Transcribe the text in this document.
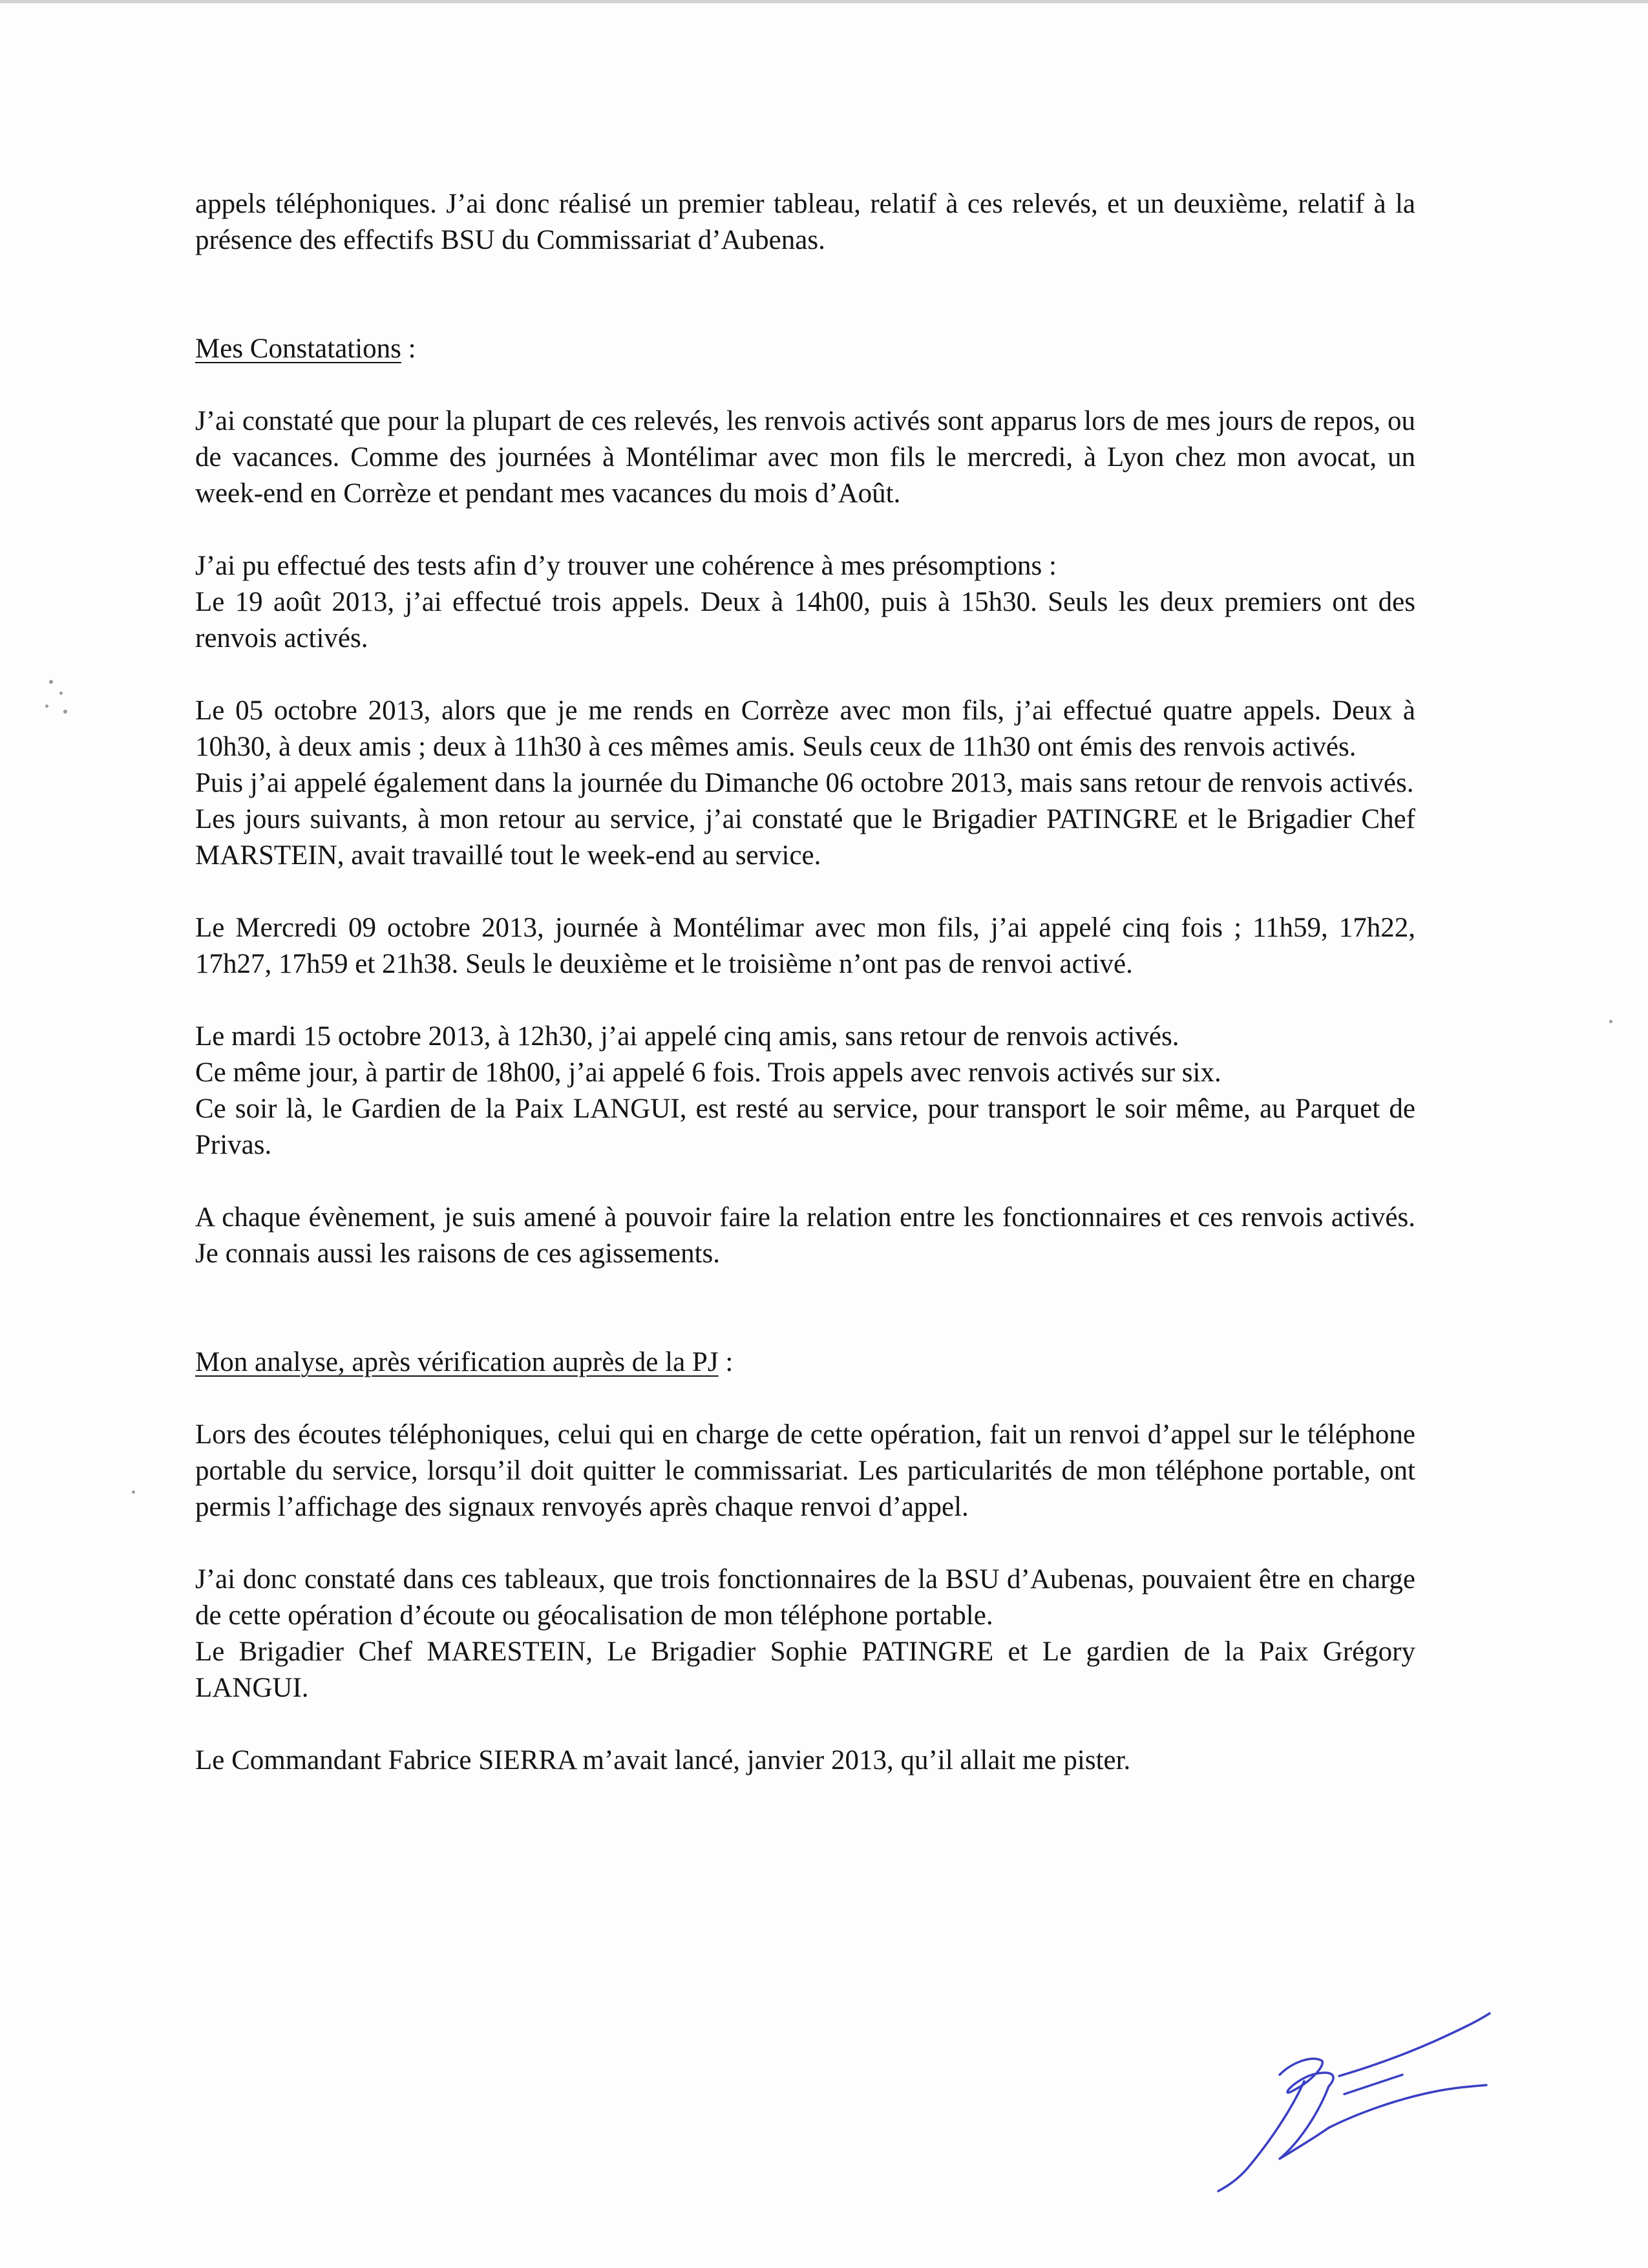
appels téléphoniques. J’ai donc réalisé un premier tableau, relatif à ces relevés, et un deuxième, relatif à la présence des effectifs BSU du Commissariat d’Aubenas.

Mes Constatations :

J’ai constaté que pour la plupart de ces relevés, les renvois activés sont apparus lors de mes jours de repos, ou de vacances. Comme des journées à Montélimar avec mon fils le mercredi, à Lyon chez mon avocat, un week-end en Corrèze et pendant mes vacances du mois d’Août.

J’ai pu effectué des tests afin d’y trouver une cohérence à mes présomptions :
Le 19 août 2013, j’ai effectué trois appels. Deux à 14h00, puis à 15h30. Seuls les deux premiers ont des renvois activés.

Le 05 octobre 2013, alors que je me rends en Corrèze avec mon fils, j’ai effectué quatre appels. Deux à 10h30, à deux amis ; deux à 11h30 à ces mêmes amis. Seuls ceux de 11h30 ont émis des renvois activés.
Puis j’ai appelé également dans la journée du Dimanche 06 octobre 2013, mais sans retour de renvois activés.
Les jours suivants, à mon retour au service, j’ai constaté que le Brigadier PATINGRE et le Brigadier Chef MARSTEIN, avait travaillé tout le week-end au service.

Le Mercredi 09 octobre 2013, journée à Montélimar avec mon fils, j’ai appelé cinq fois ; 11h59, 17h22, 17h27, 17h59 et 21h38. Seuls le deuxième et le troisième n’ont pas de renvoi activé.

Le mardi 15 octobre 2013, à 12h30, j’ai appelé cinq amis, sans retour de renvois activés.
Ce même jour, à partir de 18h00, j’ai appelé 6 fois. Trois appels avec renvois activés sur six.
Ce soir là, le Gardien de la Paix LANGUI, est resté au service, pour transport le soir même, au Parquet de Privas.

A chaque évènement, je suis amené à pouvoir faire la relation entre les fonctionnaires et ces renvois activés. Je connais aussi les raisons de ces agissements.

Mon analyse, après vérification auprès de la PJ :

Lors des écoutes téléphoniques, celui qui en charge de cette opération, fait un renvoi d’appel sur le téléphone portable du service, lorsqu’il doit quitter le commissariat. Les particularités de mon téléphone portable, ont permis l’affichage des signaux renvoyés après chaque renvoi d’appel.

J’ai donc constaté dans ces tableaux, que trois fonctionnaires de la BSU d’Aubenas, pouvaient être en charge de cette opération d’écoute ou géocalisation de mon téléphone portable.
Le Brigadier Chef MARESTEIN, Le Brigadier Sophie PATINGRE et Le gardien de la Paix Grégory LANGUI.

Le Commandant Fabrice SIERRA m’avait lancé, janvier 2013, qu’il allait me pister.
